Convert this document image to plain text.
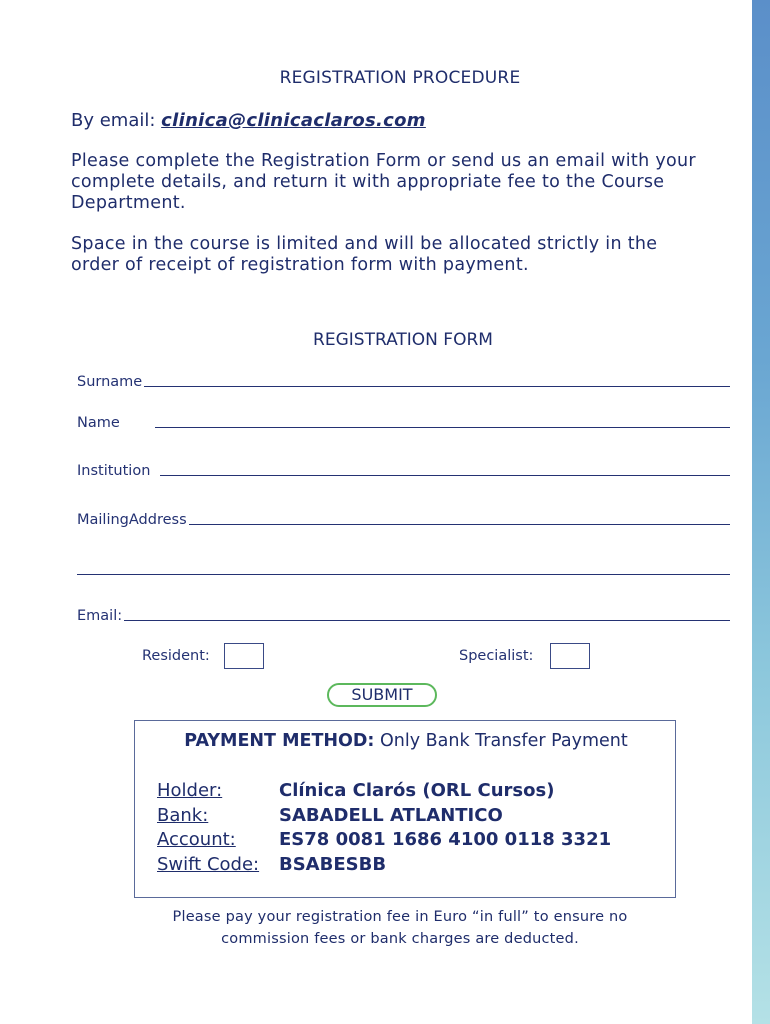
REGISTRATION PROCEDURE
By email: clinica@clinicaclaros.com
Please complete the Registration Form or send us an email with your complete details, and return it with appropriate fee to the Course Department.
Space in the course is limited and will be allocated strictly in the order of receipt of registration form with payment.
REGISTRATION FORM
Surname
Name
Institution
MailingAddress
Email:
Resident:	Specialist:
SUBMIT
PAYMENT METHOD: Only Bank Transfer Payment
Holder:	Clínica Clarós (ORL Cursos)
Bank:	SABADELL ATLANTICO
Account: ES78 0081 1686 4100 0118 3321
Swift Code: BSABESBB
Please pay your registration fee in Euro “in full” to ensure no
commission fees or bank charges are deducted.
